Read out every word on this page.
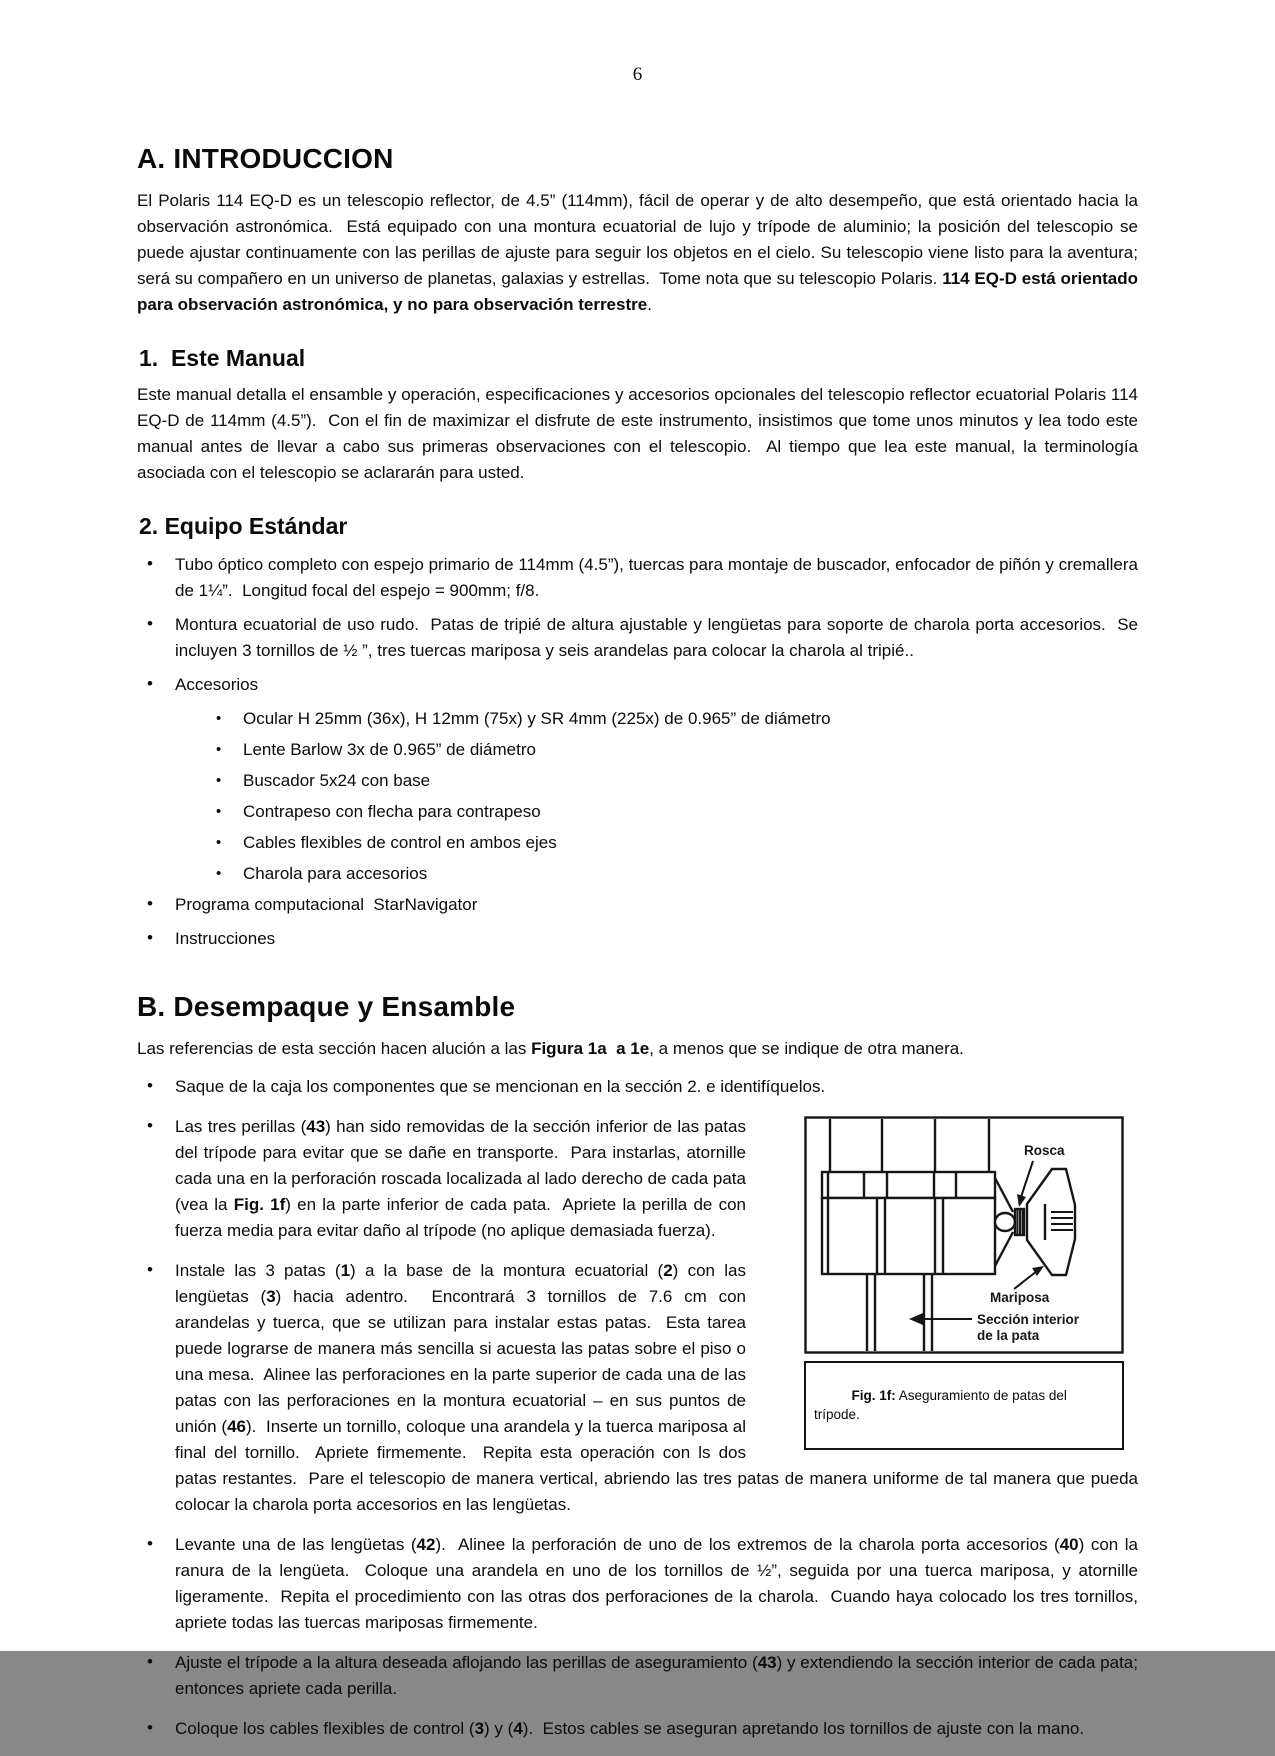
6
A. INTRODUCCION

El Polaris 114 EQ-D es un telescopio reflector, de 4.5” (114mm), fácil de operar y de alto desempeño, que está orientado hacia la observación astronómica.  Está equipado con una montura ecuatorial de lujo y trípode de aluminio; la posición del telescopio se puede ajustar continuamente con las perillas de ajuste para seguir los objetos en el cielo. Su telescopio viene listo para la aventura; será su compañero en un universo de planetas, galaxias y estrellas.  Tome nota que su telescopio Polaris. 114 EQ-D está orientado para observación astronómica, y no para observación terrestre.

1.  Este Manual

Este manual detalla el ensamble y operación, especificaciones y accesorios opcionales del telescopio reflector ecuatorial Polaris 114 EQ-D de 114mm (4.5”).  Con el fin de maximizar el disfrute de este instrumento, insistimos que tome unos minutos y lea todo este manual antes de llevar a cabo sus primeras observaciones con el telescopio.  Al tiempo que lea este manual, la terminología asociada con el telescopio se aclararán para usted.

2. Equipo Estándar
• Tubo óptico completo con espejo primario de 114mm (4.5”), tuercas para montaje de buscador, enfocador de piñón y cremallera de 1¼”.  Longitud focal del espejo = 900mm; f/8.
• Montura ecuatorial de uso rudo.  Patas de tripié de altura ajustable y lengüetas para soporte de charola porta accesorios.  Se incluyen 3 tornillos de ½ ”, tres tuercas mariposa y seis arandelas para colocar la charola al tripié..
• Accesorios
• Ocular H 25mm (36x), H 12mm (75x) y SR 4mm (225x) de 0.965” de diámetro
• Lente Barlow 3x de 0.965” de diámetro
• Buscador 5x24 con base
• Contrapeso con flecha para contrapeso
• Cables flexibles de control en ambos ejes
• Charola para accesorios
• Programa computacional  StarNavigator
• Instrucciones
B. Desempaque y Ensamble

Las referencias de esta sección hacen alución a las Figura 1a  a 1e, a menos que se indique de otra manera.

• Saque de la caja los componentes que se mencionan en la sección 2. e identifíquelos.
Rosca
Mariposa
Sección interior
de la pata

Fig. 1f: Aseguramiento de patas del trípode.

• Las tres perillas (43) han sido removidas de la sección inferior de las patas del trípode para evitar que se dañe en transporte.  Para instarlas, atornille cada una en la perforación roscada localizada al lado derecho de cada pata (vea la Fig. 1f) en la parte inferior de cada pata.  Apriete la perilla de con fuerza media para evitar daño al trípode (no aplique demasiada fuerza).
• Instale las 3 patas (1) a la base de la montura ecuatorial (2) con las lengüetas (3) hacia adentro.  Encontrará 3 tornillos de 7.6 cm con arandelas y tuerca, que se utilizan para instalar estas patas.  Esta tarea puede lograrse de manera más sencilla si acuesta las patas sobre el piso o una mesa.  Alinee las perforaciones en la parte superior de cada una de las patas con las perforaciones en la montura ecuatorial – en sus puntos de unión (46).  Inserte un tornillo, coloque una arandela y la tuerca mariposa al final del tornillo.  Apriete firmemente.  Repita esta operación con ls dos patas restantes.  Pare el telescopio de manera vertical, abriendo las tres patas de manera uniforme de tal manera que pueda colocar la charola porta accesorios en las lengüetas.
• Levante una de las lengüetas (42).  Alinee la perforación de uno de los extremos de la charola porta accesorios (40) con la ranura de la lengüeta.  Coloque una arandela en uno de los tornillos de ½”, seguida por una tuerca mariposa, y atornille ligeramente.  Repita el procedimiento con las otras dos perforaciones de la charola.  Cuando haya colocado los tres tornillos, apriete todas las tuercas mariposas firmemente.
• Ajuste el trípode a la altura deseada aflojando las perillas de aseguramiento (43) y extendiendo la sección interior de cada pata; entonces apriete cada perilla.
• Coloque los cables flexibles de control (3) y (4).  Estos cables se aseguran apretando los tornillos de ajuste con la mano.
